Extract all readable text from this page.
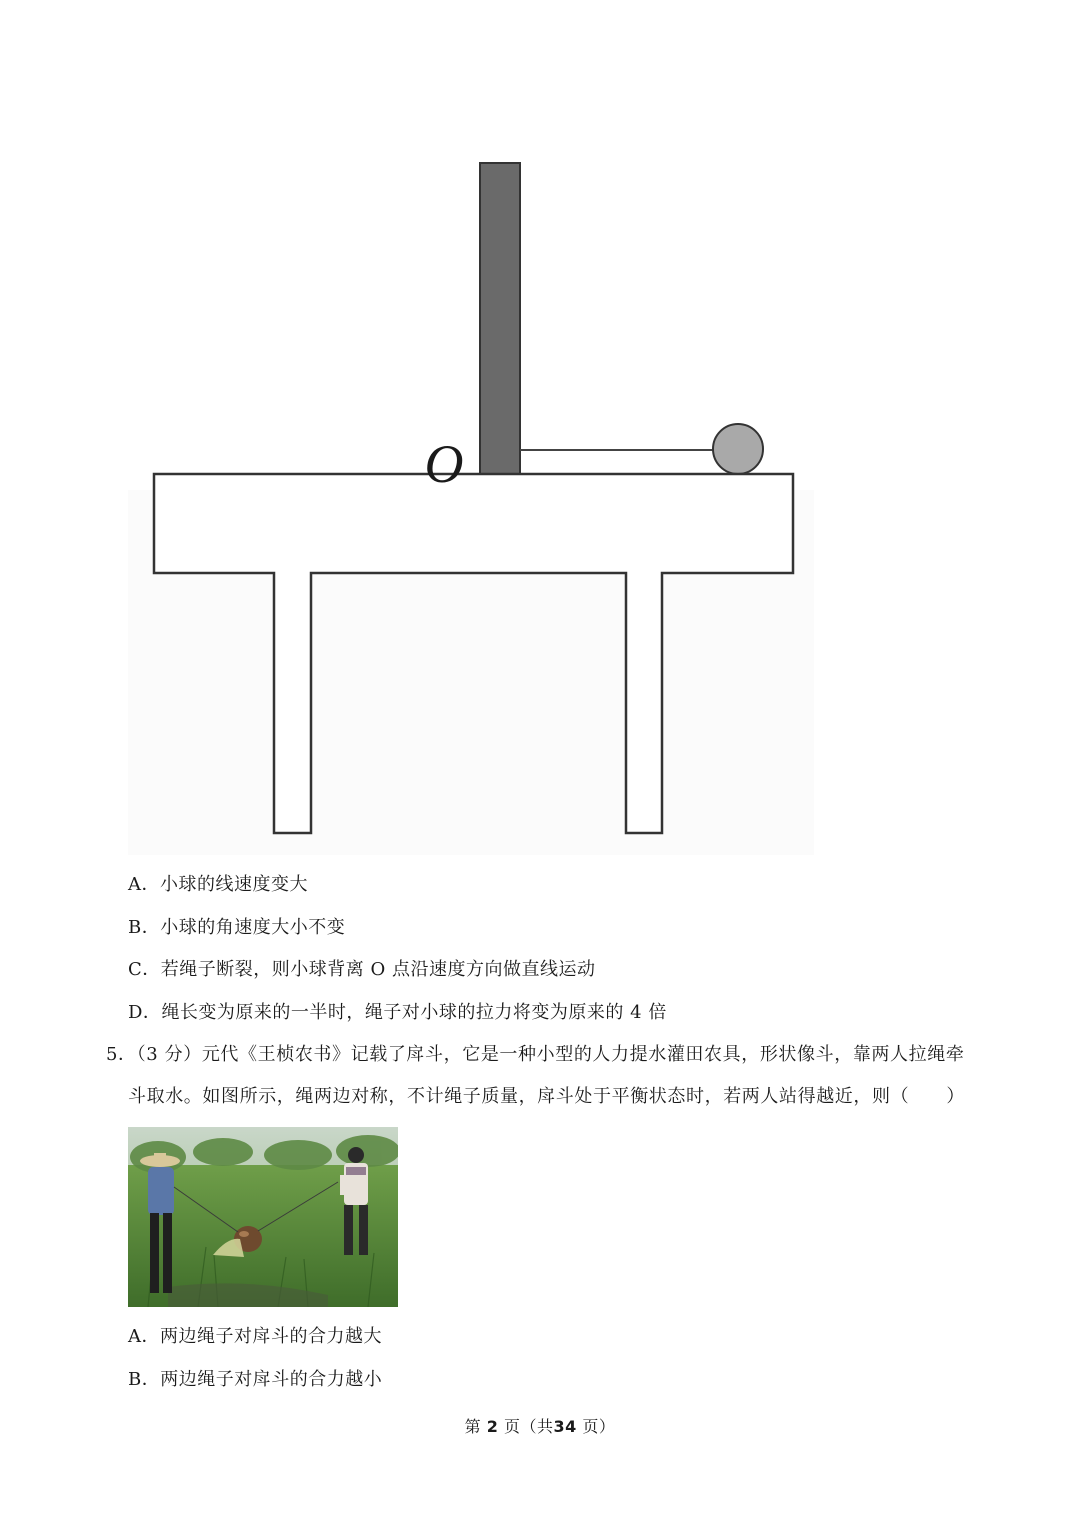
O
A．小球的线速度变大
B．小球的角速度大小不变
C．若绳子断裂，则小球背离 O 点沿速度方向做直线运动
D．绳长变为原来的一半时，绳子对小球的拉力将变为原来的 4 倍
5．（3 分）元代《王桢农书》记载了戽斗，它是一种小型的人力提水灌田农具，形状像斗，靠两人拉绳牵
斗取水。如图所示，绳两边对称，不计绳子质量，戽斗处于平衡状态时，若两人站得越近，则（　　）
A．两边绳子对戽斗的合力越大
B．两边绳子对戽斗的合力越小
第 2 页（共34 页）
